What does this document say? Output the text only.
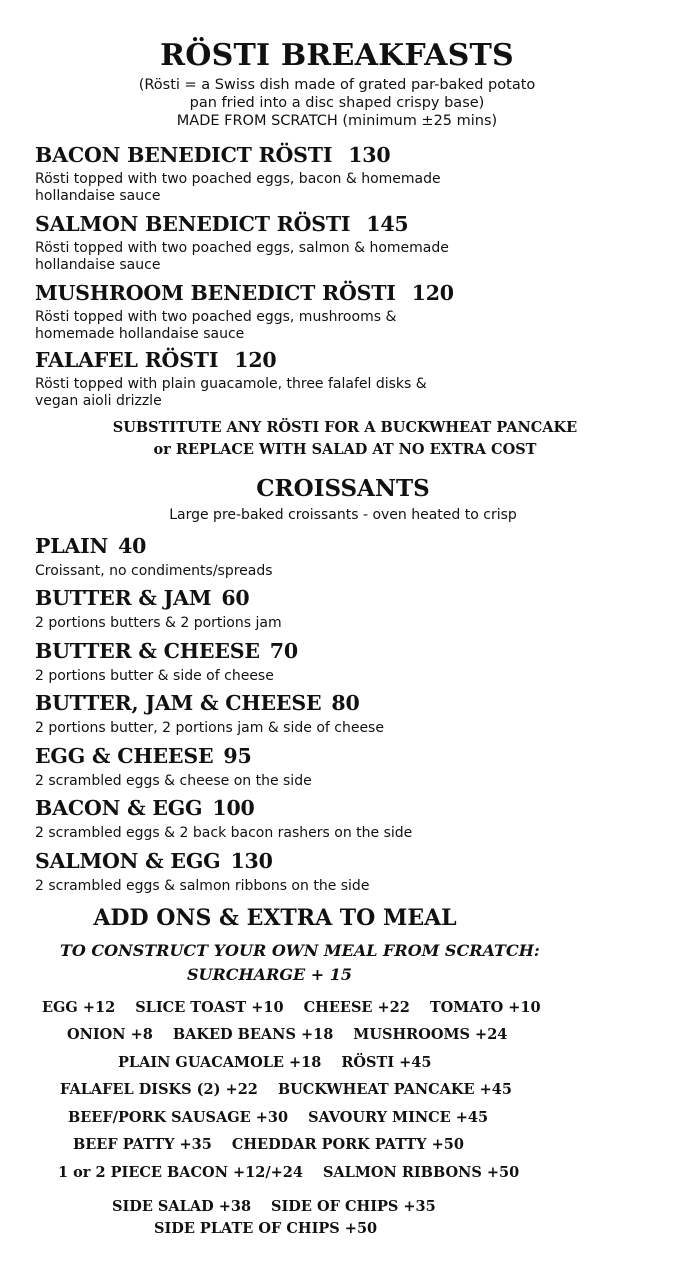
RÖSTI BREAKFASTS
(Rösti = a Swiss dish made of grated par-baked potato
pan fried into a disc shaped crispy base)
MADE FROM SCRATCH (minimum ±25 mins)
BACON BENEDICT RÖSTI 130
Rösti topped with two poached eggs, bacon & homemade
hollandaise sauce
SALMON BENEDICT RÖSTI 145
Rösti topped with two poached eggs, salmon & homemade
hollandaise sauce
MUSHROOM BENEDICT RÖSTI 120
Rösti topped with two poached eggs, mushrooms &
homemade hollandaise sauce
FALAFEL RÖSTI 120
Rösti topped with plain guacamole, three falafel disks &
vegan aioli drizzle
SUBSTITUTE ANY RÖSTI FOR A BUCKWHEAT PANCAKE
or REPLACE WITH SALAD AT NO EXTRA COST
CROISSANTS
Large pre-baked croissants - oven heated to crisp
PLAIN 40
Croissant, no condiments/spreads
BUTTER & JAM 60
2 portions butters & 2 portions jam
BUTTER & CHEESE 70
2 portions butter & side of cheese
BUTTER, JAM & CHEESE 80
2 portions butter, 2 portions jam & side of cheese
EGG & CHEESE 95
2 scrambled eggs & cheese on the side
BACON & EGG 100
2 scrambled eggs & 2 back bacon rashers on the side
SALMON & EGG 130
2 scrambled eggs & salmon ribbons on the side
ADD ONS & EXTRA TO MEAL
TO CONSTRUCT YOUR OWN MEAL FROM SCRATCH:
SURCHARGE + 15
EGG +12 SLICE TOAST +10 CHEESE +22 TOMATO +10
ONION +8 BAKED BEANS +18 MUSHROOMS +24
PLAIN GUACAMOLE +18 RÖSTI +45
FALAFEL DISKS (2) +22 BUCKWHEAT PANCAKE +45
BEEF/PORK SAUSAGE +30 SAVOURY MINCE +45
BEEF PATTY +35 CHEDDAR PORK PATTY +50
1 or 2 PIECE BACON +12/+24 SALMON RIBBONS +50
SIDE SALAD +38 SIDE OF CHIPS +35
SIDE PLATE OF CHIPS +50
